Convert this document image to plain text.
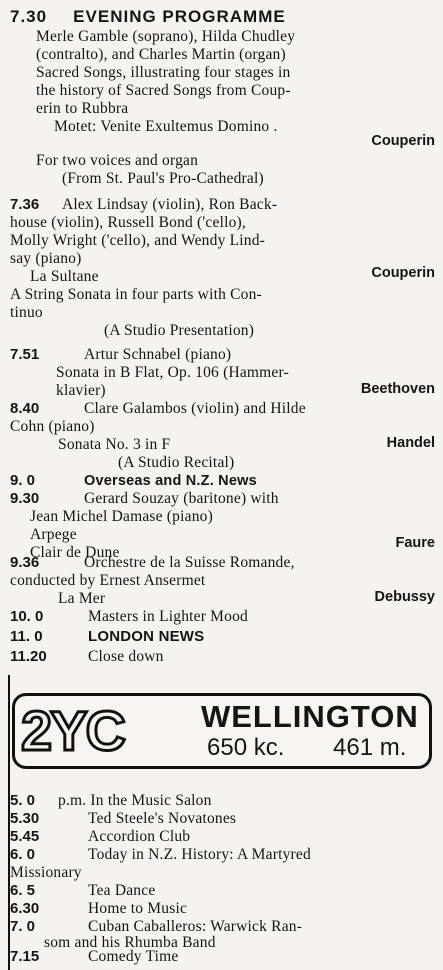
7.30 EVENING PROGRAMME
Merle Gamble (soprano), Hilda Chudley
(contralto), and Charles Martin (organ)
Sacred Songs, illustrating four stages in
the history of Sacred Songs from Coup-
erin to Rubbra
Motet: Venite Exultemus Domino .
Couperin
For two voices and organ
(From St. Paul's Pro-Cathedral)
7.36 Alex Lindsay (violin), Ron Back-
house (violin), Russell Bond ('cello),
Molly Wright ('cello), and Wendy Lind-
say (piano)
La Sultane	Couperin
A String Sonata in four parts with Con-
tinuo
(A Studio Presentation)
7.51	Artur Schnabel (piano)
Sonata in B Flat, Op. 106 (Hammer-
klavier)	Beethoven
8.40	Clare Galambos (violin) and Hilde
Cohn (piano)
Sonata No. 3 in F	Handel
(A Studio Recital)
9. 0	Overseas and N.Z. News
9.30	Gerard Souzay (baritone) with
Jean Michel Damase (piano)
Arpege
Clair de Dune
Faure
9.36	Orchestre de la Suisse Romande,
conducted by Ernest Ansermet
La Mer	Debussy
10. 0	Masters in Lighter Mood
11. 0	LONDON NEWS
11.20	Close down
2YC WELLINGTON
650 kc. 461 m.
5. 0 p.m. In the Music Salon
5.30	Ted Steele's Novatones
5.45	Accordion Club
6. 0	Today in N.Z. History: A Martyred
Missionary
6. 5	Tea Dance
6.30	Home to Music
7. 0	Cuban Caballeros: Warwick Ran-
som and his Rhumba Band
7.15	Comedy Time
